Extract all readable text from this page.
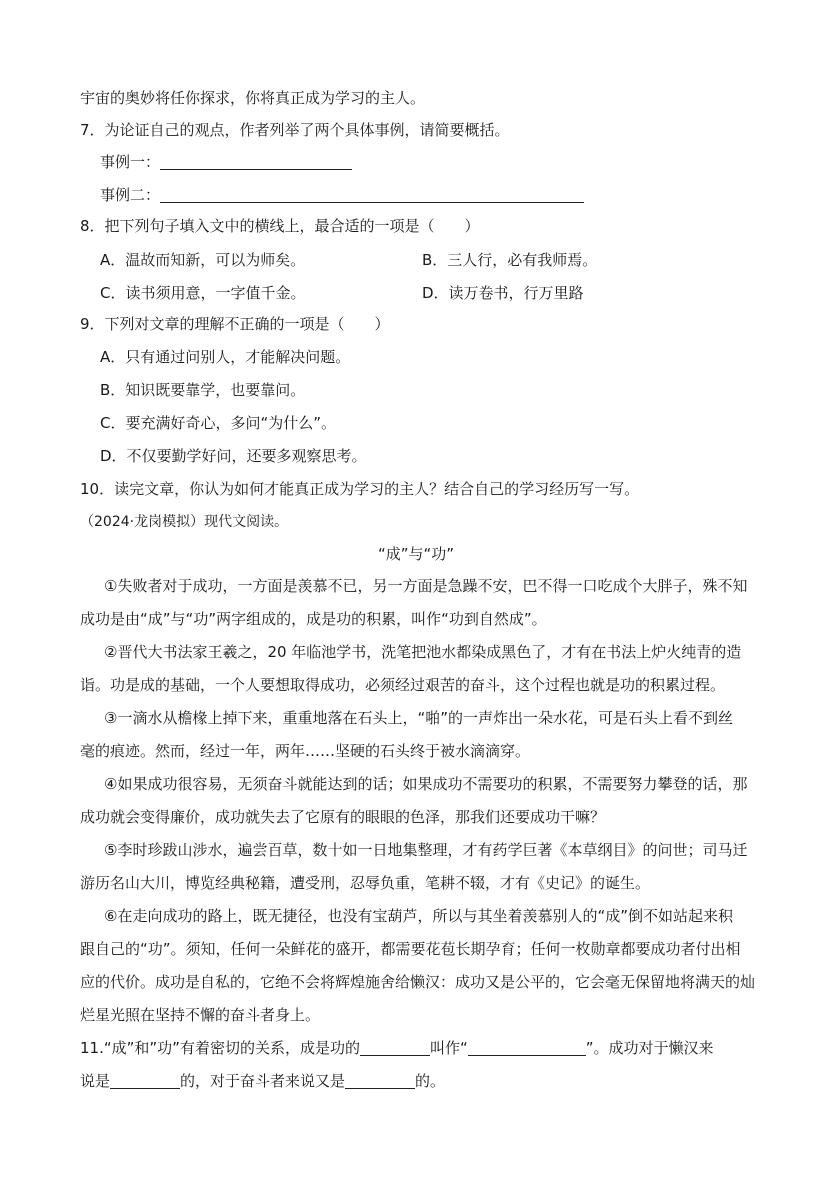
宇宙的奥妙将任你探求，你将真正成为学习的主人。
7．为论证自己的观点，作者列举了两个具体事例，请简要概括。
事例一：
事例二：
8．把下列句子填入文中的横线上，最合适的一项是（　　）
A．温故而知新，可以为师矣。	B．三人行，必有我师焉。
C．读书须用意，一字值千金。	D．读万卷书，行万里路
9．下列对文章的理解不正确的一项是（　　）
A．只有通过问别人，才能解决问题。
B．知识既要靠学，也要靠问。
C．要充满好奇心，多问“为什么”。
D．不仅要勤学好问，还要多观察思考。
10．读完文章，你认为如何才能真正成为学习的主人？结合自己的学习经历写一写。
（2024·龙岗模拟）现代文阅读。
“成”与“功”
①失败者对于成功，一方面是羡慕不已，另一方面是急躁不安，巴不得一口吃成个大胖子，殊不知
成功是由“成”与“功”两字组成的，成是功的积累，叫作“功到自然成”。
②晋代大书法家王羲之，20 年临池学书，洗笔把池水都染成黑色了，才有在书法上炉火纯青的造
诣。功是成的基础，一个人要想取得成功，必须经过艰苦的奋斗，这个过程也就是功的积累过程。
③一滴水从檐椽上掉下来，重重地落在石头上，“啪”的一声炸出一朵水花，可是石头上看不到丝
毫的痕迹。然而，经过一年，两年……坚硬的石头终于被水滴滴穿。
④如果成功很容易，无须奋斗就能达到的话；如果成功不需要功的积累，不需要努力攀登的话，那
成功就会变得廉价，成功就失去了它原有的眼眼的色泽，那我们还要成功干嘛？
⑤李时珍跋山涉水，遍尝百草，数十如一日地集整理，才有药学巨著《本草纲目》的问世；司马迁
游历名山大川，博览经典秘籍，遭受刑，忍辱负重，笔耕不辍，才有《史记》的诞生。
⑥在走向成功的路上，既无捷径，也没有宝葫芦，所以与其坐着羡慕别人的“成”倒不如站起来积
跟自己的“功”。须知，任何一朵鲜花的盛开，都需要花苞长期孕育；任何一枚勋章都要成功者付出相
应的代价。成功是自私的，它绝不会将辉煌施舍给懒汉：成功又是公平的，它会毫无保留地将满天的灿
烂星光照在坚持不懈的奋斗者身上。
11.“成”和”功”有着密切的关系，成是功的	叫作“	”。成功对于懒汉来
说是	的，对于奋斗者来说又是	的。
